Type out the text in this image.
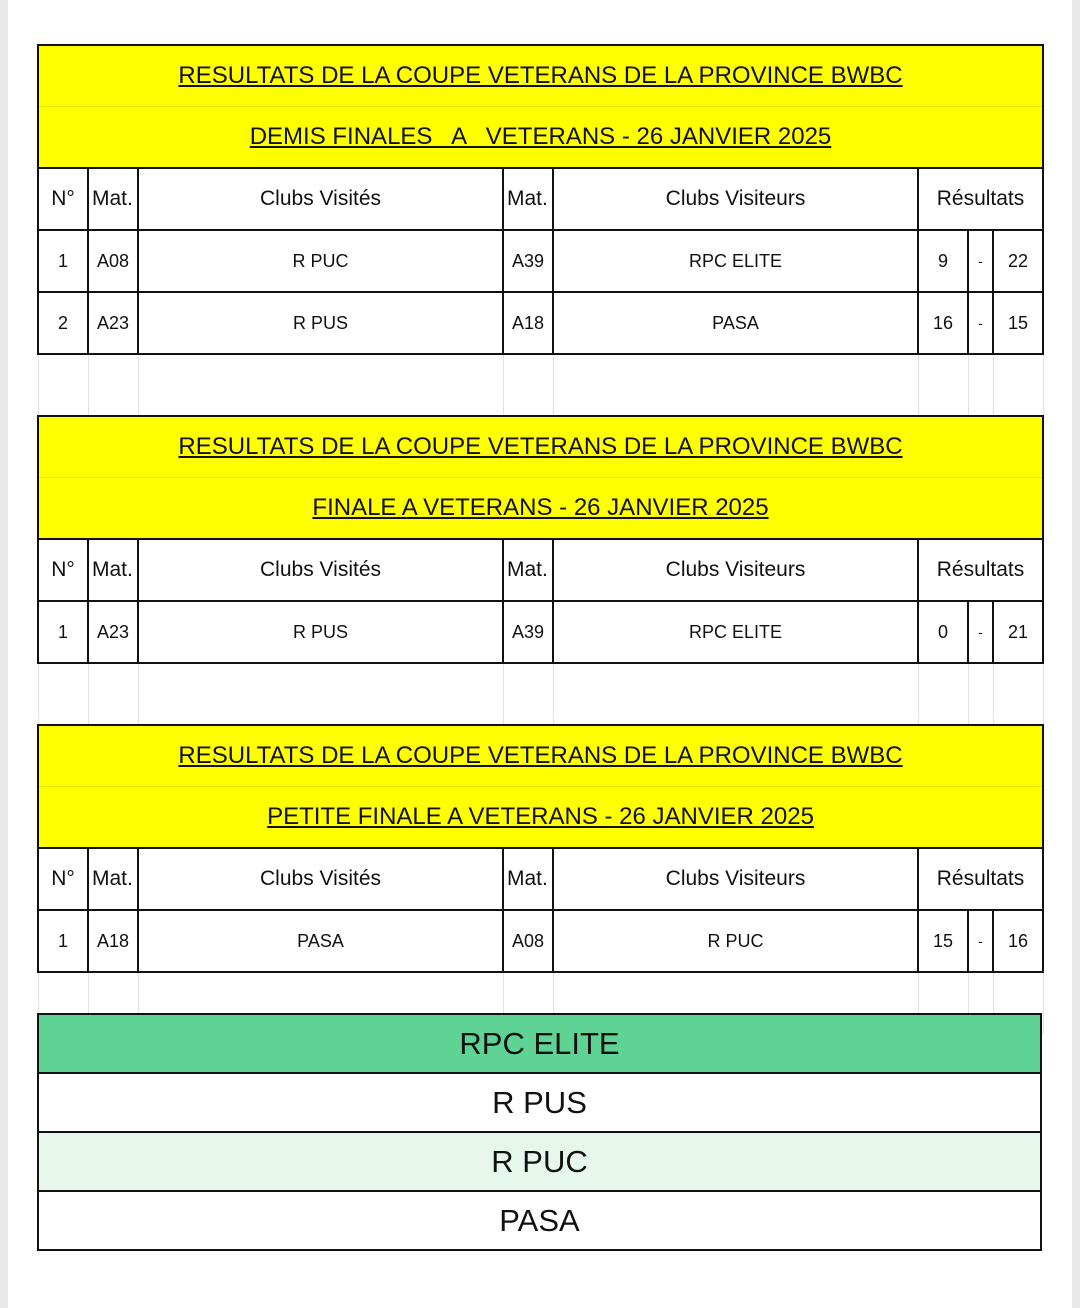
RESULTATS DE LA COUPE VETERANS DE LA PROVINCE BWBC							
DEMIS FINALES   A   VETERANS - 26 JANVIER 2025							
N°	Mat.	Clubs Visités	Mat.	Clubs Visiteurs	Résultats		
1	A08	R PUC	A39	RPC ELITE	9	-	22
2	A23	R PUS	A18	PASA	16	-	15

RESULTATS DE LA COUPE VETERANS DE LA PROVINCE BWBC							
FINALE A VETERANS - 26 JANVIER 2025							
N°	Mat.	Clubs Visités	Mat.	Clubs Visiteurs	Résultats		
1	A23	R PUS	A39	RPC ELITE	0	-	21

RESULTATS DE LA COUPE VETERANS DE LA PROVINCE BWBC							
PETITE FINALE A VETERANS - 26 JANVIER 2025							
N°	Mat.	Clubs Visités	Mat.	Clubs Visiteurs	Résultats		
1	A18	PASA	A08	R PUC	15	-	16

RPC ELITE
R PUS
R PUC
PASA
